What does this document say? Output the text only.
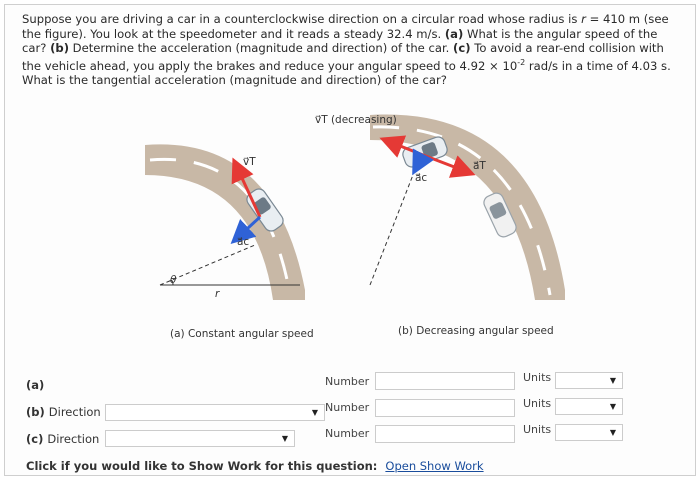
Suppose you are driving a car in a counterclockwise direction on a circular road whose radius is r = 410 m (see the figure). You look at the speedometer and it reads a steady 32.4 m/s. (a) What is the angular speed of the car? (b) Determine the acceleration (magnitude and direction) of the car. (c) To avoid a rear-end collision with the vehicle ahead, you apply the brakes and reduce your angular speed to $4.92 \times 10^{-2}$ rad/s in a time of 4.03 s. What is the tangential acceleration (magnitude and direction) of the car?
θ
r
v⃗T
a⃗c
(a) Constant angular speed
v⃗T (decreasing)
a⃗T
a⃗c
(b) Decreasing angular speed
(a)	Number	Units	▼
(b) Direction	▼ Number	Units	▼
(c) Direction	▼	Number	Units	▼
Click if you would like to Show Work for this question: Open Show Work
